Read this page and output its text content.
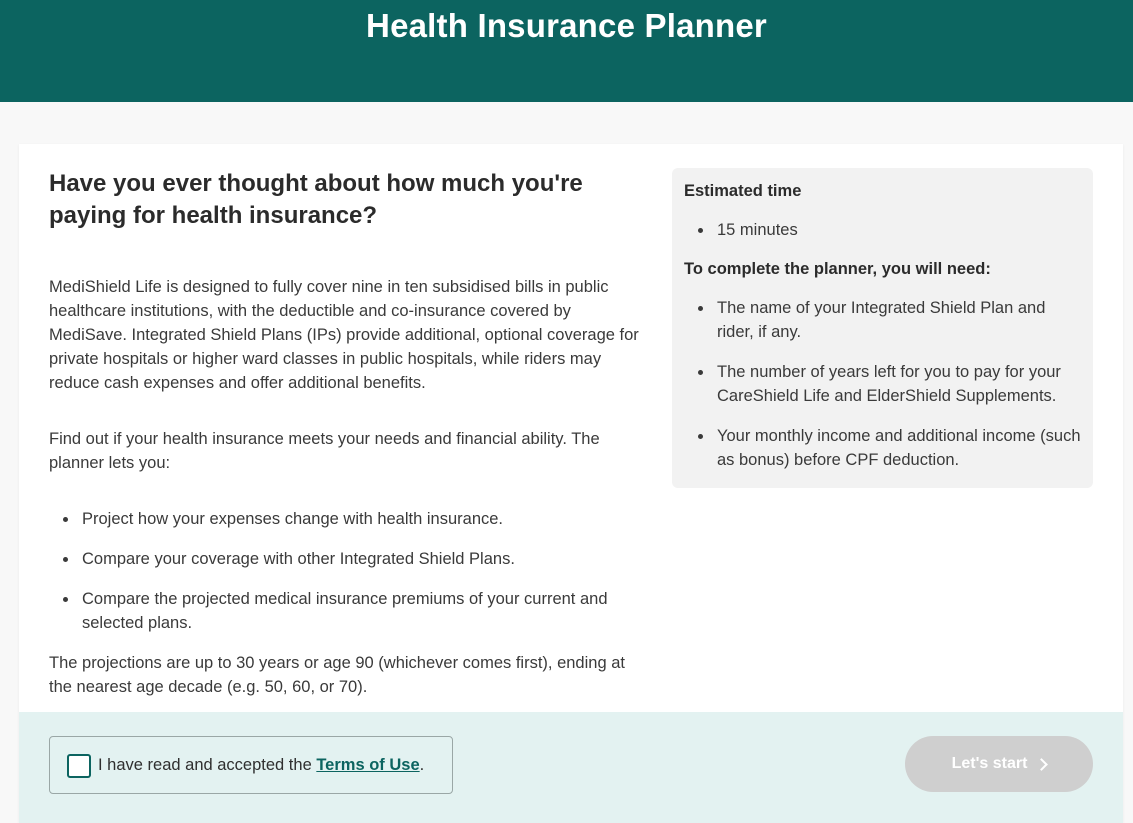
Health Insurance Planner
Have you ever thought about how much you're paying for health insurance?

MediShield Life is designed to fully cover nine in ten subsidised bills in public healthcare institutions, with the deductible and co-insurance covered by MediSave. Integrated Shield Plans (IPs) provide additional, optional coverage for private hospitals or higher ward classes in public hospitals, while riders may reduce cash expenses and offer additional benefits.

Find out if your health insurance meets your needs and financial ability. The planner lets you:

Project how your expenses change with health insurance.
Compare your coverage with other Integrated Shield Plans.
Compare the projected medical insurance premiums of your current and selected plans.

The projections are up to 30 years or age 90 (whichever comes first), ending at the nearest age decade (e.g. 50, 60, or 70).

Estimated time
15 minutes
To complete the planner, you will need:
The name of your Integrated Shield Plan and rider, if any.
The number of years left for you to pay for your CareShield Life and ElderShield Supplements.
Your monthly income and additional income (such as bonus) before CPF deduction.
I have read and accepted the Terms of Use.	Let's start
